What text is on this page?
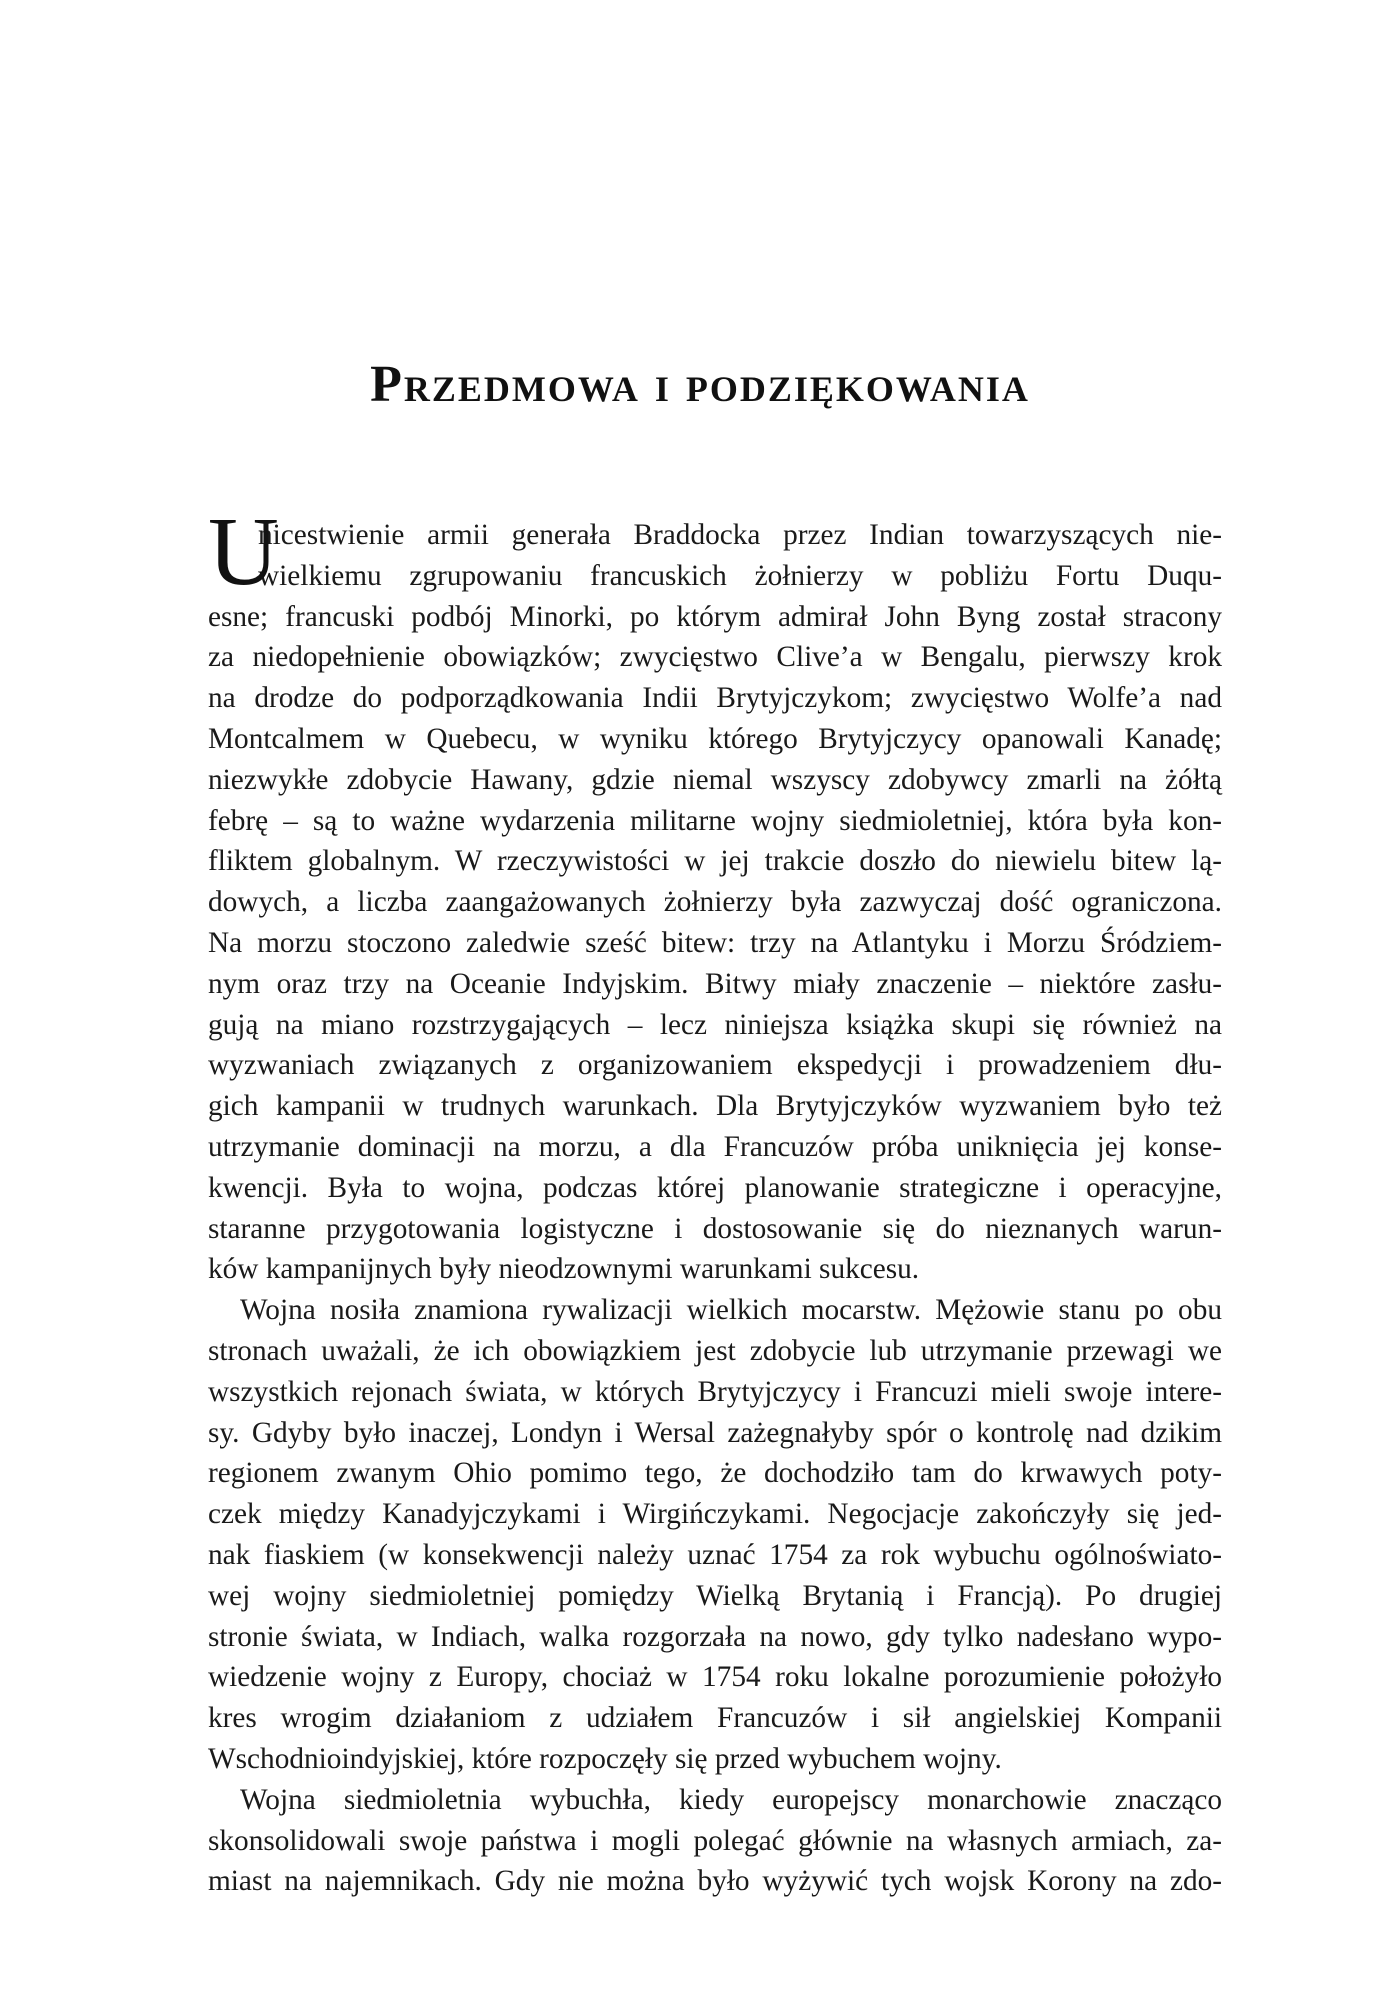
Przedmowa i podziękowania
U
nicestwienie armii generała Braddocka przez Indian towarzyszących nie-
wielkiemu zgrupowaniu francuskich żołnierzy w pobliżu Fortu Duqu-
esne; francuski podbój Minorki, po którym admirał John Byng został stracony
za niedopełnienie obowiązków; zwycięstwo Clive’a w Bengalu, pierwszy krok
na drodze do podporządkowania Indii Brytyjczykom; zwycięstwo Wolfe’a nad
Montcalmem w Quebecu, w wyniku którego Brytyjczycy opanowali Kanadę;
niezwykłe zdobycie Hawany, gdzie niemal wszyscy zdobywcy zmarli na żółtą
febrę – są to ważne wydarzenia militarne wojny siedmioletniej, która była kon-
fliktem globalnym. W rzeczywistości w jej trakcie doszło do niewielu bitew lą-
dowych, a liczba zaangażowanych żołnierzy była zazwyczaj dość ograniczona.
Na morzu stoczono zaledwie sześć bitew: trzy na Atlantyku i Morzu Śródziem-
nym oraz trzy na Oceanie Indyjskim. Bitwy miały znaczenie – niektóre zasłu-
gują na miano rozstrzygających – lecz niniejsza książka skupi się również na
wyzwaniach związanych z organizowaniem ekspedycji i prowadzeniem dłu-
gich kampanii w trudnych warunkach. Dla Brytyjczyków wyzwaniem było też
utrzymanie dominacji na morzu, a dla Francuzów próba uniknięcia jej konse-
kwencji. Była to wojna, podczas której planowanie strategiczne i operacyjne,
staranne przygotowania logistyczne i dostosowanie się do nieznanych warun-
ków kampanijnych były nieodzownymi warunkami sukcesu.
Wojna nosiła znamiona rywalizacji wielkich mocarstw. Mężowie stanu po obu
stronach uważali, że ich obowiązkiem jest zdobycie lub utrzymanie przewagi we
wszystkich rejonach świata, w których Brytyjczycy i Francuzi mieli swoje intere-
sy. Gdyby było inaczej, Londyn i Wersal zażegnałyby spór o kontrolę nad dzikim
regionem zwanym Ohio pomimo tego, że dochodziło tam do krwawych poty-
czek między Kanadyjczykami i Wirgińczykami. Negocjacje zakończyły się jed-
nak fiaskiem (w konsekwencji należy uznać 1754 za rok wybuchu ogólnoświato-
wej wojny siedmioletniej pomiędzy Wielką Brytanią i Francją). Po drugiej
stronie świata, w Indiach, walka rozgorzała na nowo, gdy tylko nadesłano wypo-
wiedzenie wojny z Europy, chociaż w 1754 roku lokalne porozumienie położyło
kres wrogim działaniom z udziałem Francuzów i sił angielskiej Kompanii
Wschodnioindyjskiej, które rozpoczęły się przed wybuchem wojny.
Wojna siedmioletnia wybuchła, kiedy europejscy monarchowie znacząco
skonsolidowali swoje państwa i mogli polegać głównie na własnych armiach, za-
miast na najemnikach. Gdy nie można było wyżywić tych wojsk Korony na zdo-
